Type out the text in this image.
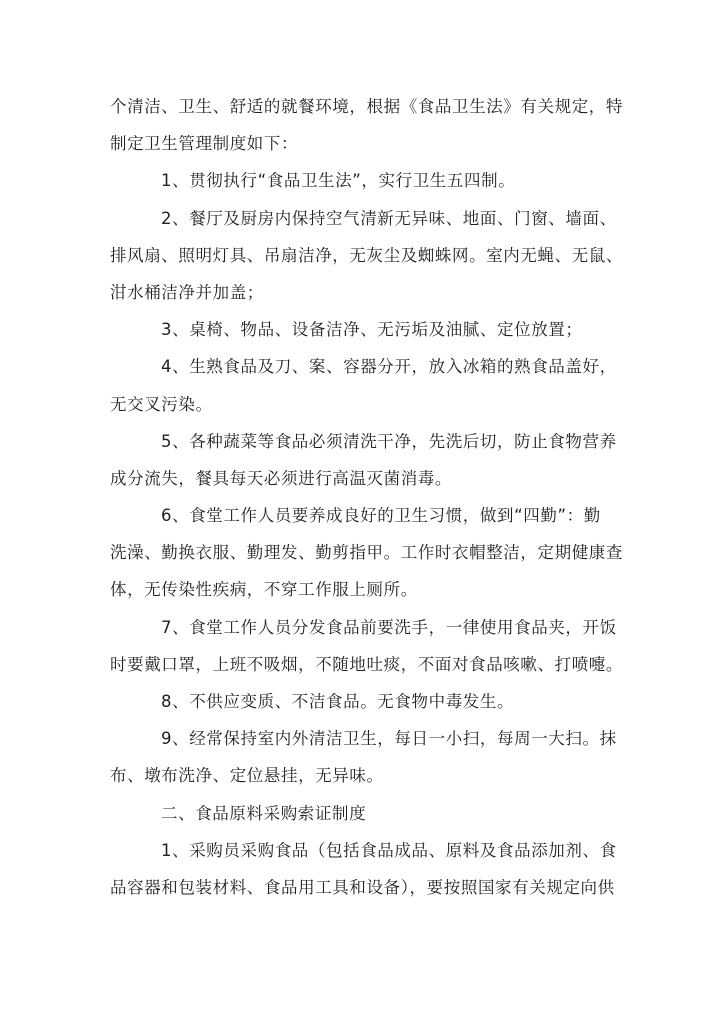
个清洁、卫生、舒适的就餐环境，根据《食品卫生法》有关规定，特
制定卫生管理制度如下：
1、贯彻执行“食品卫生法”，实行卫生五四制。
2、餐厅及厨房内保持空气清新无异味、地面、门窗、墙面、
排风扇、照明灯具、吊扇洁净，无灰尘及蜘蛛网。室内无蝇、无鼠、
泔水桶洁净并加盖；
3、桌椅、物品、设备洁净、无污垢及油腻、定位放置；
4、生熟食品及刀、案、容器分开，放入冰箱的熟食品盖好，
无交叉污染。
5、各种蔬菜等食品必须清洗干净，先洗后切，防止食物营养
成分流失，餐具每天必须进行高温灭菌消毒。
6、食堂工作人员要养成良好的卫生习惯，做到“四勤”：勤
洗澡、勤换衣服、勤理发、勤剪指甲。工作时衣帽整洁，定期健康查
体，无传染性疾病，不穿工作服上厕所。
7、食堂工作人员分发食品前要洗手，一律使用食品夹，开饭
时要戴口罩，上班不吸烟，不随地吐痰，不面对食品咳嗽、打喷嚏。
8、不供应变质、不洁食品。无食物中毒发生。
9、经常保持室内外清洁卫生，每日一小扫，每周一大扫。抹
布、墩布洗净、定位悬挂，无异味。
二、食品原料采购索证制度
1、采购员采购食品（包括食品成品、原料及食品添加剂、食
品容器和包装材料、食品用工具和设备），要按照国家有关规定向供
